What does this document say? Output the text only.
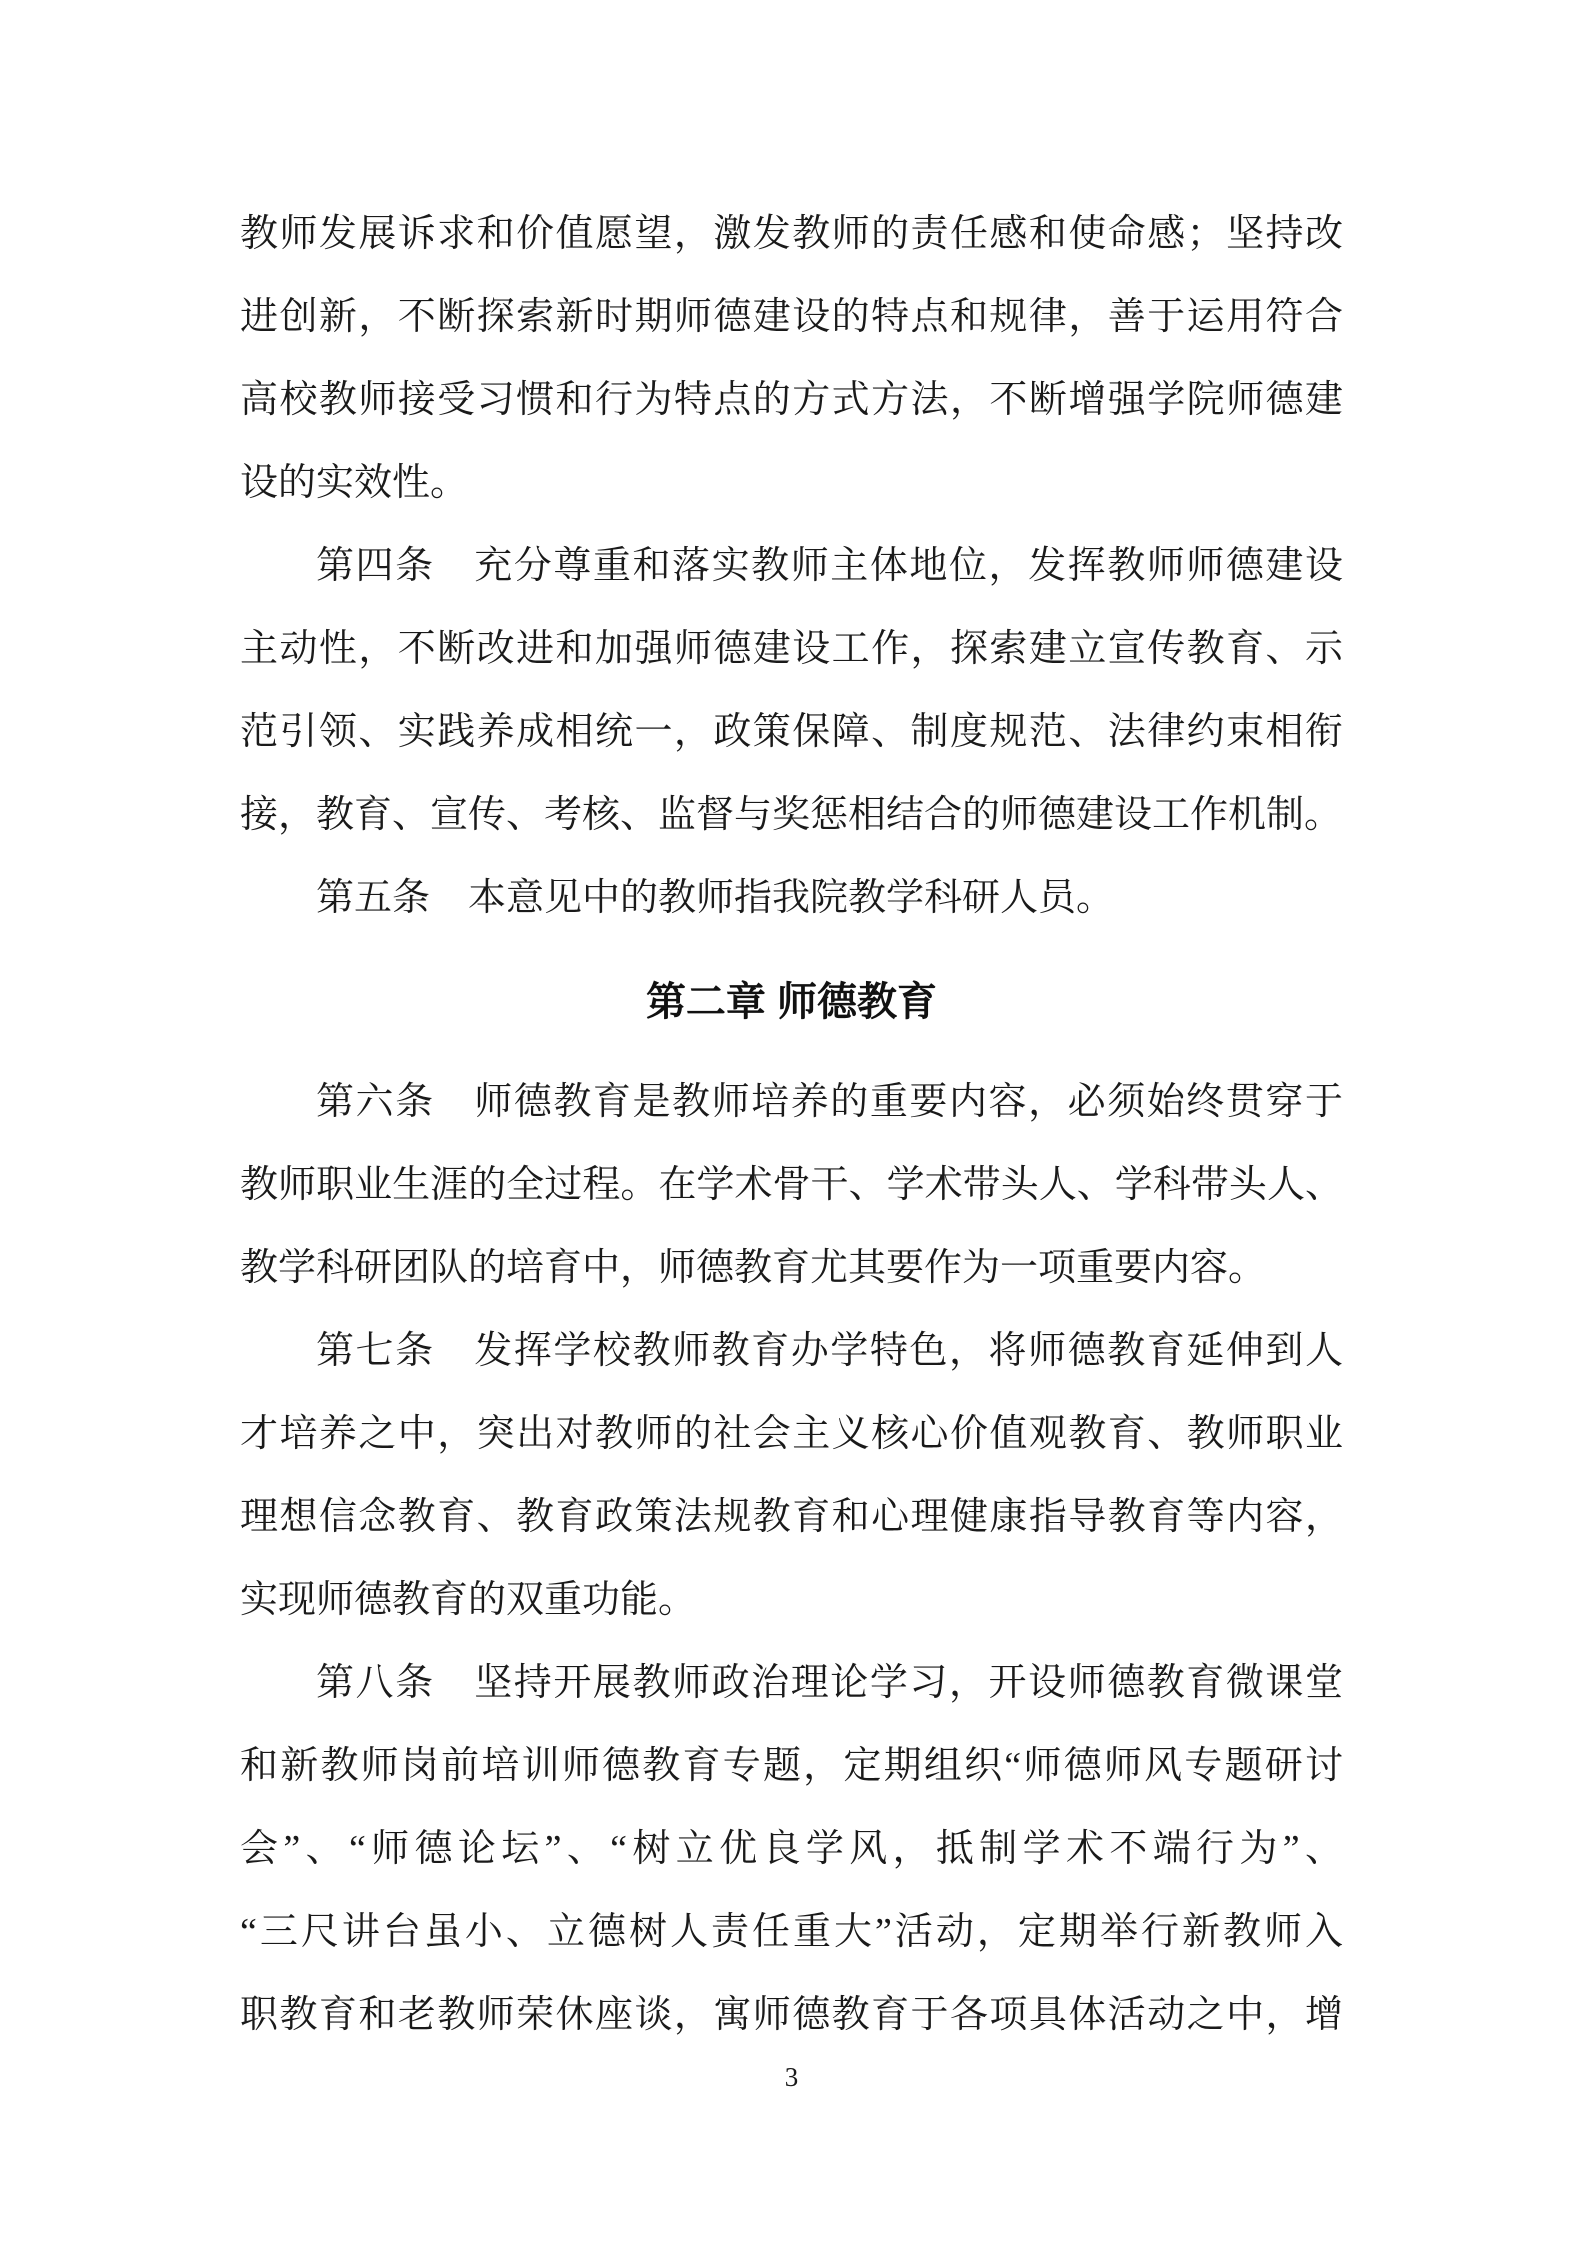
教师发展诉求和价值愿望，激发教师的责任感和使命感；坚持改
进创新，不断探索新时期师德建设的特点和规律，善于运用符合
高校教师接受习惯和行为特点的方式方法，不断增强学院师德建
设的实效性。
第四条　充分尊重和落实教师主体地位，发挥教师师德建设
主动性，不断改进和加强师德建设工作，探索建立宣传教育、示
范引领、实践养成相统一，政策保障、制度规范、法律约束相衔
接，教育、宣传、考核、监督与奖惩相结合的师德建设工作机制。
第五条　本意见中的教师指我院教学科研人员。
第二章 师德教育
第六条　师德教育是教师培养的重要内容，必须始终贯穿于
教师职业生涯的全过程。在学术骨干、学术带头人、学科带头人、
教学科研团队的培育中，师德教育尤其要作为一项重要内容。
第七条　发挥学校教师教育办学特色，将师德教育延伸到人
才培养之中，突出对教师的社会主义核心价值观教育、教师职业
理想信念教育、教育政策法规教育和心理健康指导教育等内容，
实现师德教育的双重功能。
第八条　坚持开展教师政治理论学习，开设师德教育微课堂
和新教师岗前培训师德教育专题，定期组织“师德师风专题研讨
会”、“师德论坛”、“树立优良学风，抵制学术不端行为”、
“三尺讲台虽小、立德树人责任重大”活动，定期举行新教师入
职教育和老教师荣休座谈，寓师德教育于各项具体活动之中，增
3
